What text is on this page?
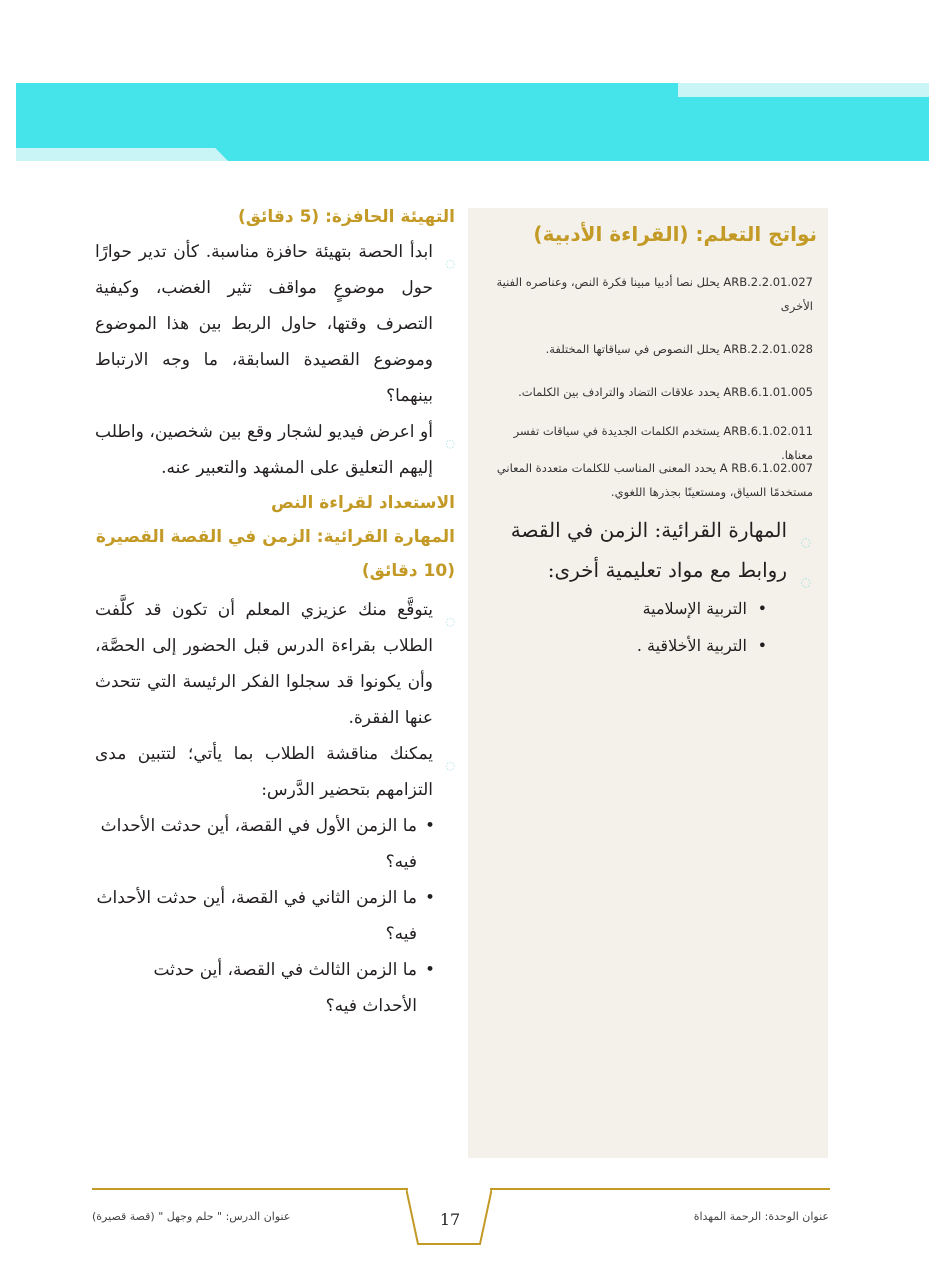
نواتج التعلم: (القراءة الأدبية)

ARB.2.2.01.027 يحلل نصا أدبيا مبينا فكرة النص، وعناصره الفنية الأخرى

ARB.2.2.01.028 يحلل النصوص في سياقاتها المختلفة.

ARB.6.1.01.005 يحدد علاقات التضاد والترادف بين الكلمات.

ARB.6.1.02.011 يستخدم الكلمات الجديدة في سياقات تفسر معناها.

A RB.6.1.02.007 يحدد المعنى المناسب للكلمات متعددة المعاني مستخدمًا السياق، ومستعينًا بجذرها اللغوي.

◌
المهارة القرائية: الزمن في القصة
◌
روابط مع مواد تعليمية أخرى:
•
التربية الإسلامية
•
التربية الأخلاقية .

التهيئة الحافزة: (5 دقائق)

◌
ابدأ الحصة بتهيئة حافزة مناسبة. كأن تدير حوارًا حول موضوعٍ مواقف تثير الغضب، وكيفية التصرف وقتها، حاول الربط بين هذا الموضوع وموضوع القصيدة السابقة، ما وجه الارتباط بينهما؟

◌
أو اعرض فيديو لشجار وقع بين شخصين، واطلب إليهم التعليق على المشهد والتعبير عنه.

الاستعداد لقراءة النص

المهارة القرائية: الزمن في القصة القصيرة (10 دقائق)

◌
يتوقَّع منك عزيزي المعلم أن تكون قد كلَّفت الطلاب بقراءة الدرس قبل الحضور إلى الحصَّة، وأن يكونوا قد سجلوا الفكر الرئيسة التي تتحدث عنها الفقرة.

◌
يمكنك مناقشة الطلاب بما يأتي؛ لتتبين مدى التزامهم بتحضير الدَّرس:

•
ما الزمن الأول في القصة، أين حدثت الأحداث فيه؟

•
ما الزمن الثاني في القصة، أين حدثت الأحداث فيه؟

•
ما الزمن الثالث في القصة، أين حدثت الأحداث فيه؟

17
عنوان الدرس: " حلم وجهل " (قصة قصيرة)	عنوان الوحدة: الرحمة المهداة
